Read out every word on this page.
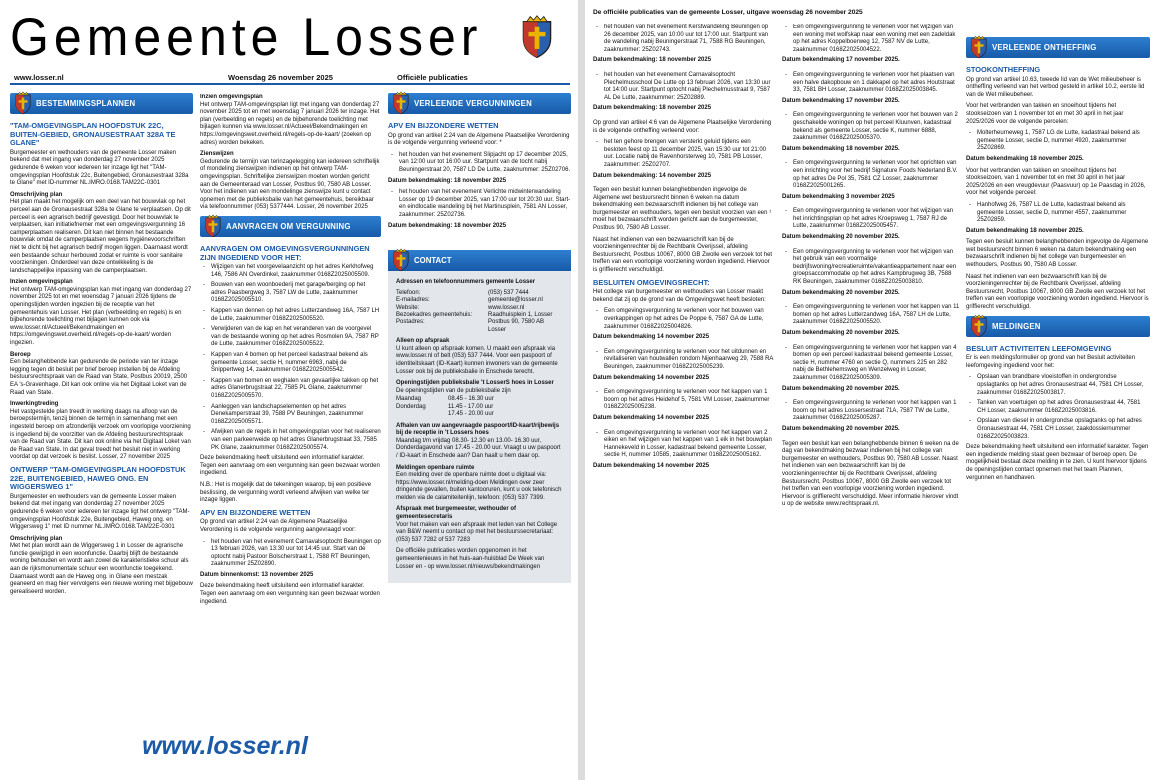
Gemeente Losser
www.losser.nl	Woensdag 26 november 2025	Officiële publicaties
BESTEMMINGSPLANNEN
"TAM-OMGEVINGSPLAN HOOFDSTUK 22C, BUITEN-GEBIED, GRONAUSESTRAAT 328A TE GLANE"

Burgemeester en wethouders van de gemeente Losser maken bekend dat met ingang van donderdag 27 november 2025 gedurende 6 weken voor iedereen ter inzage ligt het "TAM-omgevingsplan Hoofdstuk 22c, Buitengebied, Gronausestraat 328a te Glane" met ID-nummer NL.IMRO.0168.TAM22C-0301

Omschrijving plan

Het plan maakt het mogelijk om een deel van het bouwvlak op het perceel aan de Gronausestraat 328a te Glane te verplaatsen. Op dit perceel is een agrarisch bedrijf gevestigd. Door het bouwvlak te verplaatsen, kan initiatiefnemer met een omgevingsvergunning 16 camperplaatsen realiseren. Dit kan niet binnen het bestaande bouwvlak omdat de camperplaatsen wegens hygiënevoorschriften niet te dicht bij het agrarisch bedrijf mogen liggen. Daarnaast wordt een bestaande schuur herbouwd zodat er ruimte is voor sanitaire voorzieningen. Onderdeel van deze ontwikkeling is de landschappelijke inpassing van de camperplaatsen.

Inzien omgevingsplan

Het ontwerp TAM-omgevingsplan kan met ingang van donderdag 27 november 2025 tot en met woensdag 7 januari 2026 tijdens de openingstijden worden ingezien bij de receptie van het gemeentehuis van Losser. Het plan (verbeelding en regels) is en bijbehorende toelichting met bijlagen kunnen ook via www.losser.nl/Actueel/Bekendmakingen en https://omgevingswet.overheid.nl/regels-op-de-kaart/ worden ingezien.

Beroep

Een belanghebbende kan gedurende de periode van ter inzage legging tegen dit besluit per brief beroep instellen bij de Afdeling bestuursrechtspraak van de Raad van State, Postbus 20019, 2500 EA 's-Gravenhage. Dit kan ook online via het Digitaal Loket van de Raad van State.

Inwerkingtreding

Het vastgestelde plan treedt in werking daags na afloop van de beroepstermijn, tenzij binnen de termijn in samenhang met een ingesteld beroep om afzonderlijk verzoek om voorlopige voorziening is ingediend bij de voorzitter van de Afdeling bestuursrechtspraak van de Raad van State. Dit kan ook online via het Digitaal Loket van de Raad van State. In dat geval treedt het besluit niet in werking voordat op dat verzoek is beslist. Losser, 27 november 2025

ONTWERP "TAM-OMGEVINGSPLAN HOOFDSTUK 22E, BUITENGEBIED, HAWEG ONG. EN WIGGERSWEG 1"

Burgemeester en wethouders van de gemeente Losser maken bekend dat met ingang van donderdag 27 november 2025 gedurende 6 weken voor iedereen ter inzage ligt het ontwerp "TAM-omgevingsplan Hoofdstuk 22e, Buitengebied, Haweg ong. en Wiggersweg 1" met ID nummer NL.IMRO.0168.TAM22E-0301

Omschrijving plan

Met het plan wordt aan de Wiggersweg 1 in Losser de agrarische functie gewijzigd in een woonfunctie. Daarbij blijft de bestaande woning behouden en wordt aan zowel de karakteristieke schuur als aan de rijksmonumentale schuur een woonfunctie toegekend. Daarnaast wordt aan de Haweg ong. in Glane een mestzak geaneerd en mag hier vervolgens een nieuwe woning met bijgebouw gerealiseerd worden.

Inzien omgevingsplan

Het ontwerp TAM-omgevingsplan ligt met ingang van donderdag 27 november 2025 tot en met woensdag 7 januari 2026 ter inzage. Het plan (verbeelding en regels) en de bijbehorende toelichting met bijlagen kunnen via www.losser.nl/Actueel/Bekendmakingen en https://omgevingswet.overheid.nl/regels-op-de-kaart/ (zoeken op adres) worden bekeken.

Zienswijzen

Gedurende de termijn van terinzagelegging kan iedereen schriftelijk of mondeling zienswijzen indienen op het ontwerp TAM-omgevingsplan. Schriftelijke zienswijzen moeten worden gericht aan de Gemeenteraad van Losser, Postbus 90, 7580 AB Losser. Voor het indienen van een mondelinge zienswijze kunt u contact opnemen met de publieksbalie van het gemeentehuis, bereikbaar via telefoonnummer (053) 5377444. Losser, 26 november 2025

AANVRAGEN OM VERGUNNING
AANVRAGEN OM OMGEVINGSVERGUNNINGEN ZIJN INGEDIEND VOOR HET:
- Wijzigen van het voorgevelaanzicht op het adres Kerkhofweg 146, 7586 AN Overdinkel, zaaknummer 0168Z2025005509.
- Bouwen van een woonboederij met garage/berging op het adres Paasbergweg 3, 7587 LW de Lutte, zaaknummer 0168Z2025005510.
- Kappen van dennen op het adres Lutterzandweg 16A, 7587 LH de Lutte, zaaknummer 0168Z2025005520.
- Verwijderen van de kap en het veranderen van de voorgevel van de bestaande woning op het adres Rosmolen 9A, 7587 RP de Lutte, zaaknummer 0168Z2025005522.
- Kappen van 4 bomen op het perceel kadastraal bekend als gemeente Losser, sectie H, nummer 6963, nabij de Snippertweg 14, zaaknummer 0168Z2025005542.
- Kappen van bomen en weghalen van gevaarlijke takken op het adres Glanerbrugstraat 22, 7585 PL Glane, zaaknummer 0168Z2025005570.
- Aanleggen van landschapselementen op het adres Denekamperstraat 39, 7588 PV Beuningen, zaaknummer 0168Z2025005571.
- Afwijken van de regels in het omgevingsplan voor het realiseren van een parkeerweide op het adres Glanerbrugstraat 33, 7585 PK Glane, zaaknummer 0168Z2025005574.

Deze bekendmaking heeft uitsluitend een informatief karakter. Tegen een aanvraag om een vergunning kan geen bezwaar worden ingediend.

N.B.: Het is mogelijk dat de tekeningen waarop, bij een positieve beslissing, de vergunning wordt verleend afwijken van welke ter inzage liggen.

APV EN BIJZONDERE WETTEN

Op grond van artikel 2:24 van de Algemene Plaatselijke Verordening is de volgende vergunning aangevraagd voor:

- het houden van het evenement Carnavalsoptocht Beuningen op 13 februari 2026, van 13:30 uur tot 14:45 uur. Start van de optocht nabij Pastoor Bolscherstraat 1, 7588 RT Beuningen, zaaknummer 25Z02890.

Datum binnenkomst: 13 november 2025

Deze bekendmaking heeft uitsluitend een informatief karakter. Tegen een aanvraag om een vergunning kan geen bezwaar worden ingediend.

VERLEENDE VERGUNNINGEN
APV EN BIJZONDERE WETTEN

Op grond van artikel 2:24 van de Algemene Plaatselijke Verordening is de volgende vergunning verleend voor: *

- het houden van het evenement Slipjacht op 17 december 2025, van 12:00 uur tot 16:00 uur. Startpunt van de tocht nabij Beuningerstraat 20, 7587 LD De Lutte, zaaknummer: 25Z02706.

Datum bekendmaking: 18 november 2025

- het houden van het evenement Verlichte midwinterwandeling Losser op 19 december 2025, van 17:00 uur tot 20:30 uur. Start- en eindlocatie wandeling bij het Martinusplein, 7581 AN Losser, zaaknummer: 25Z02736.

Datum bekendmaking: 18 november 2025

CONTACT
Adressen en telefoonnummers gemeente Losser
Telefoon:	(053) 537 7444
E-mailadres:	gemeente@losser.nl
Website:	www.losser.nl
Bezoekadres gemeentehuis:	Raadhuisplein 1, Losser
Postadres:	Postbus 90, 7580 AB Losser
Alleen op afspraak

U kunt alleen op afspraak komen. U maakt een afspraak via www.losser.nl of belt (053) 537 7444. Voor een paspoort of identiteitskaart (ID-Kaart) kunnen inwoners van de gemeente Losser ook bij de publieksbalie in Enschede terecht.

Openingstijden publieksbalie 't LosserS hoes in Losser

De openingstijden van de publieksbalie zijn

Maandag	08.45 - 16.30 uur
Donderdag	11.45 - 17.00 uur
	17.45 - 20.00 uur
Afhalen van uw aangevraagde paspoort/ID-kaart/rijbewijs bij de receptie in 't Lossers hoes

Maandag t/m vrijdag 08.30- 12.30 en 13.00- 16.30 uur, Donderdagavond van 17.45 - 20.00 uur. Vraagt u uw paspoort / ID-kaart in Enschede aan? Dan haalt u hem daar op.

Meldingen openbare ruimte

Een melding over de openbare ruimte doet u digitaal via: https://www.losser.nl/melding-doen Meldingen over zeer dringende gevallen, buiten kantooruren, kunt u ook telefonisch melden via de calamiteitenlijn, telefoon: (053) 537 7399.

Afspraak met burgemeester, wethouder of gemeentesecretaris

Voor het maken van een afspraak met leden van het College van B&W neemt u contact op met het bestuurssecretariaat: (053) 537 7282 of 537 7283

De officiële publicaties worden opgenomen in het gemeentenieuws in het huis-aan-huisblad De Week van Losser en - op www.losser.nl/nieuws/bekendmakingen

www.losser.nl
De officiële publicaties van de gemeente Losser, uitgave woensdag 26 november 2025
- het houden van het evenement Kerstwandeling Beuningen op 26 december 2025, van 10:00 uur tot 17:00 uur. Startpunt van de wandeling nabij Beuningerstraat 71, 7588 RG Beuningen, zaaknummer: 25Z02743.

Datum bekendmaking: 18 november 2025

- het houden van het evenement Carnavalsoptocht Plechelmusschool De Lutte op 13 februari 2026, van 13:30 uur tot 14:00 uur. Startpunt optocht nabij Plechelmusstraat 9, 7587 AL De Lutte, zaaknummer: 25Z02889.

Datum bekendmaking: 18 november 2025

Op grond van artikel 4:6 van de Algemene Plaatselijke Verordening is de volgende ontheffing verleend voor:

- het ten gehore brengen van versterkt geluid tijdens een besloten feest op 11 december 2025, van 15:30 uur tot 21:00 uur. Locatie nabij de Ravenhorsterweg 10, 7581 PB Losser, zaaknummer: 25Z02707.

Datum bekendmaking: 14 november 2025

Tegen een besluit kunnen belanghebbenden ingevolge de Algemene wet bestuursrecht binnen 6 weken na datum bekendmaking een bezwaarschrift indienen bij het college van burgemeester en wethouders, tegen een besluit voorzien van een ¹ moet het bezwaarschrift worden gericht aan de burgemeester, Postbus 90, 7580 AB Losser.

Naast het indienen van een bezwaarschrift kan bij de voorzieningenrechter bij de Rechtbank Overijssel, afdeling Bestuursrecht, Postbus 10067, 8000 GB Zwolle een verzoek tot het treffen van een voorlopige voorziening worden ingediend. Hiervoor is griffierecht verschuldigd.

BESLUITEN OMGEVINGSRECHT:

Het college van burgemeester en wethouders van Losser maakt bekend dat zij op de grond van de Omgevingswet heeft besloten:

- Een omgevingsvergunning te verlenen voor het bouwen van overkappingen op het adres De Poppe 6, 7587 GA de Lutte, zaaknummer 0168Z2025004826.

Datum bekendmaking 14 november 2025

- Een omgevingsvergunning te verlenen voor het uitdunnen en revitaliseren van houtwallen rondom Nijenhaarweg 29, 7588 RA Beuningen, zaaknummer 0168Z2025005239.

Datum bekendmaking 14 november 2025

- Een omgevingsvergunning te verlenen voor het kappen van 1 boom op het adres Heidehof 5, 7581 VM Losser, zaaknummer 0168Z2025005238.

Datum bekendmaking 14 november 2025

- Een omgevingsvergunning te verlenen voor het kappen van 2 eiken en het wijzigen van het kappen van 1 eik in het bouwplan Hannekeveld in Losser, kadastraal bekend gemeente Losser, sectie H, nummer 10585, zaaknummer 0168Z2025005162.

Datum bekendmaking 14 november 2025

- Een omgevingsvergunning te verlenen voor het wijzigen van een woning met wolfskap naar een woning met een zadeldak op het adres Koppelboerweg 12, 7587 NV de Lutte, zaaknummer 0168Z2025004522.

Datum bekendmaking 17 november 2025.

- Een omgevingsvergunning te verlenen voor het plaatsen van een halve dakopbouw en 1 dakkapel op het adres Houtstraat 33, 7581 BH Losser, zaaknummer 0168Z2025003845.

Datum bekendmaking 17 november 2025.

- Een omgevingsvergunning te verlenen voor het bouwen van 2 geschakelde woningen op het perceel Kluunven, kadastraal bekend als gemeente Losser, sectie K, nummer 6888, zaaknummer 0168Z2025005370.

Datum bekendmaking 18 november 2025.

- Een omgevingsvergunning te verlenen voor het oprichten van een inrichting voor het bedrijf Signature Foods Nederland B.V. op het adres De Pol 35, 7581 CZ Losser, zaaknummer 0168Z2025001265.

Datum bekendmaking 3 november 2025

- Een omgevingsvergunning te verlenen voor het wijzigen van het inrichtingsplan op het adres Kroepsweg 1, 7587 RJ de Lutte, zaaknummer 0168Z2025005457.

Datum bekendmaking 20 november 2025.

- Een omgevingsvergunning te verlenen voor het wijzigen van het gebruik van een voormalige bedrijfswoning/recreatieruimte/vakantieappartement naar een groepsaccommodatie op het adres Kampbrugweg 3B, 7588 RK Beuningen, zaaknummer 0168Z2025003810.

Datum bekendmaking 20 november 2025.

- Een omgevingsvergunning te verlenen voor het kappen van 11 bomen op het adres Lutterzandweg 16A, 7587 LH de Lutte, zaaknummer 0168Z2025005520.

Datum bekendmaking 20 november 2025.

- Een omgevingsvergunning te verlenen voor het kappen van 4 bomen op een perceel kadastraal bekend gemeente Losser, sectie H, nummer 4760 en sectie Q, nummers 225 en 282 nabij de Bethlehemsweg en Wenzelweg in Losser, zaaknummer 0168Z2025005309.

Datum bekendmaking 20 november 2025.

- Een omgevingsvergunning te verlenen voor het kappen van 1 boom op het adres Lossersestraat 71A, 7587 TW de Lutte, zaaknummer 0168Z2025005287.

Datum bekendmaking 20 november 2025.

Tegen een besluit kan een belanghebbende binnen 6 weken na de dag van bekendmaking bezwaar indienen bij het college van burgemeester en wethouders, Postbus 90, 7580 AB Losser. Naast het indienen van een bezwaarschrift kan bij de voorzieningenrechter bij de Rechtbank Overijssel, afdeling Bestuursrecht, Postbus 10067, 8000 GB Zwolle een verzoek tot het treffen van een voorlopige voorziening worden ingediend. Hiervoor is griffierecht verschuldigd. Meer informatie hierover vindt u op de website www.rechtspraak.nl.

VERLEENDE ONTHEFFING
STOOKONTHEFFING

Op grond van artikel 10.63, tweede lid van de Wet milieubeheer is ontheffing verleend van het verbod gesteld in artikel 10.2, eerste lid van de Wet milieubeheer.

Voor het verbranden van takken en snoeihout tijdens het stookseizoen van 1 november tot en met 30 april in het jaar 2025/2026 voor de volgende percelen:

- Molterheurneweg 1, 7587 LG de Lutte, kadastraal bekend als gemeente Losser, sectie D, nummer 4920, zaaknummer 25Z02869.

Datum bekendmaking 18 november 2025.

Voor het verbranden van takken en snoeihout tijdens het stookseizoen, van 1 november tot en met 30 april in het jaar 2025/2026 en een vreugdevuur (Paasvuur) op 1e Paasdag in 2026, voor het volgende perceel:

- Hanhofweg 26, 7587 LL de Lutte, kadastraal bekend als gemeente Losser, sectie D, nummer 4557, zaaknummer 25Z02859.

Datum bekendmaking 18 november 2025.

Tegen een besluit kunnen belanghebbenden ingevolge de Algemene wet bestuursrecht binnen 6 weken na datum bekendmaking een bezwaarschrift indienen bij het college van burgemeester en wethouders, Postbus 90, 7580 AB Losser.

Naast het indienen van een bezwaarschrift kan bij de voorzieningenrechter bij de Rechtbank Overijssel, afdeling Bestuursrecht, Postbus 10067, 8000 GB Zwolle een verzoek tot het treffen van een voorlopige voorziening worden ingediend. Hiervoor is griffierecht verschuldigd.

MELDINGEN
BESLUIT ACTIVITEITEN LEEFOMGEVING

Er is een meldingsformulier op grond van het Besluit activiteiten leefomgeving ingediend voor het:

- Opslaan van brandbare vloeistoffen in ondergrondse opslagtanks op het adres Gronausestraat 44, 7581 CH Losser, zaaknummer 0168Z2025003817.
- Tanken van voertuigen op het adres Gronausestraat 44, 7581 CH Losser, zaaknummer 0168Z2025003816.
- Opslaan van diesel in ondergrondse opslagtanks op het adres Gronausestraat 44, 7581 CH Losser, zaakdossiernummer 0168Z2025003823.

Deze bekendmaking heeft uitsluitend een informatief karakter. Tegen een ingediende melding staat geen bezwaar of beroep open. De mogelijkheid bestaat deze melding in te zien. U kunt hiervoor tijdens de openingstijden contact opnemen met het team Plannen, vergunnen en handhaven.
